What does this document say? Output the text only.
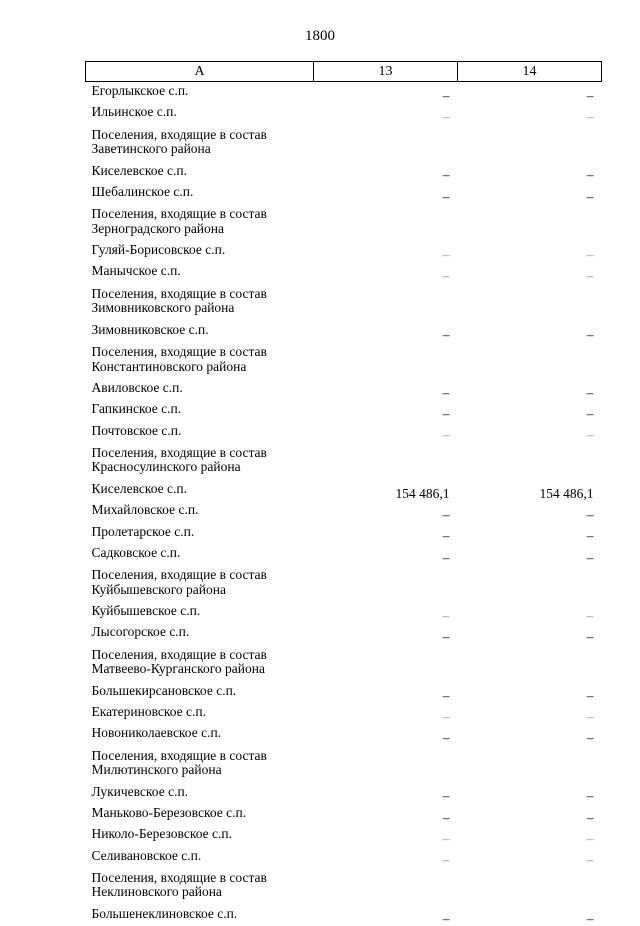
1800
А	13	14
Егорлыкское с.п.	–	–
Ильинское с.п.	–	–
Поселения, входящие в состав Заветинского района		
Киселевское с.п.	–	–
Шебалинское с.п.	–	–
Поселения, входящие в состав Зерноградского района		
Гуляй-Борисовское с.п.	–	–
Манычское с.п.	–	–
Поселения, входящие в состав Зимовниковского района		
Зимовниковское с.п.	–	–
Поселения, входящие в состав Константиновского района		
Авиловское с.п.	–	–
Гапкинское с.п.	–	–
Почтовское с.п.	–	–
Поселения, входящие в состав Красносулинского района		
Киселевское с.п.	154 486,1	154 486,1
Михайловское с.п.	–	–
Пролетарское с.п.	–	–
Садковское с.п.	–	–
Поселения, входящие в состав Куйбышевского района		
Куйбышевское с.п.	–	–
Лысогорское с.п.	–	–
Поселения, входящие в состав Матвеево-Курганского района		
Большекирсановское с.п.	–	–
Екатериновское с.п.	–	–
Новониколаевское с.п.	–	–
Поселения, входящие в состав Милютинского района		
Лукичевское с.п.	–	–
Маньково-Березовское с.п.	–	–
Николо-Березовское с.п.	–	–
Селивановское с.п.	–	–
Поселения, входящие в состав Неклиновского района		
Большенеклиновское с.п.	–	–
